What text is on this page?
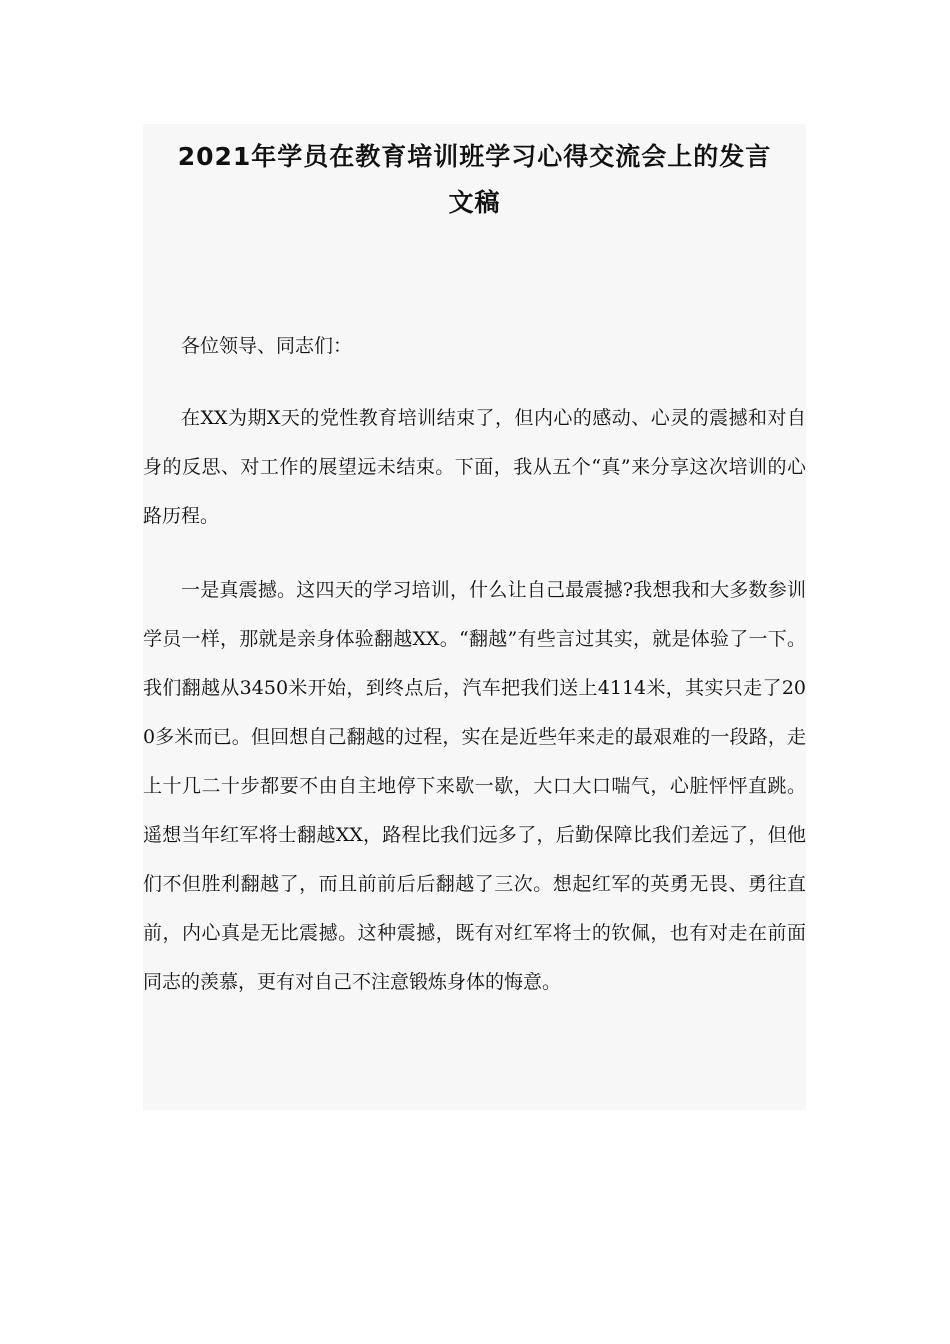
2021年学员在教育培训班学习心得交流会上的发言
文稿

各位领导、同志们：

在XX为期X天的党性教育培训结束了，但内心的感动、心灵的震撼和对自身的反思、对工作的展望远未结束。下面，我从五个“真”来分享这次培训的心路历程。

一是真震撼。这四天的学习培训，什么让自己最震撼?我想我和大多数参训学员一样，那就是亲身体验翻越XX。“翻越”有些言过其实，就是体验了一下。我们翻越从3450米开始，到终点后，汽车把我们送上4114米，其实只走了200多米而已。但回想自己翻越的过程，实在是近些年来走的最艰难的一段路，走上十几二十步都要不由自主地停下来歇一歇，大口大口喘气，心脏怦怦直跳。遥想当年红军将士翻越XX，路程比我们远多了，后勤保障比我们差远了，但他们不但胜利翻越了，而且前前后后翻越了三次。想起红军的英勇无畏、勇往直前，内心真是无比震撼。这种震撼，既有对红军将士的钦佩，也有对走在前面同志的羡慕，更有对自己不注意锻炼身体的悔意。
